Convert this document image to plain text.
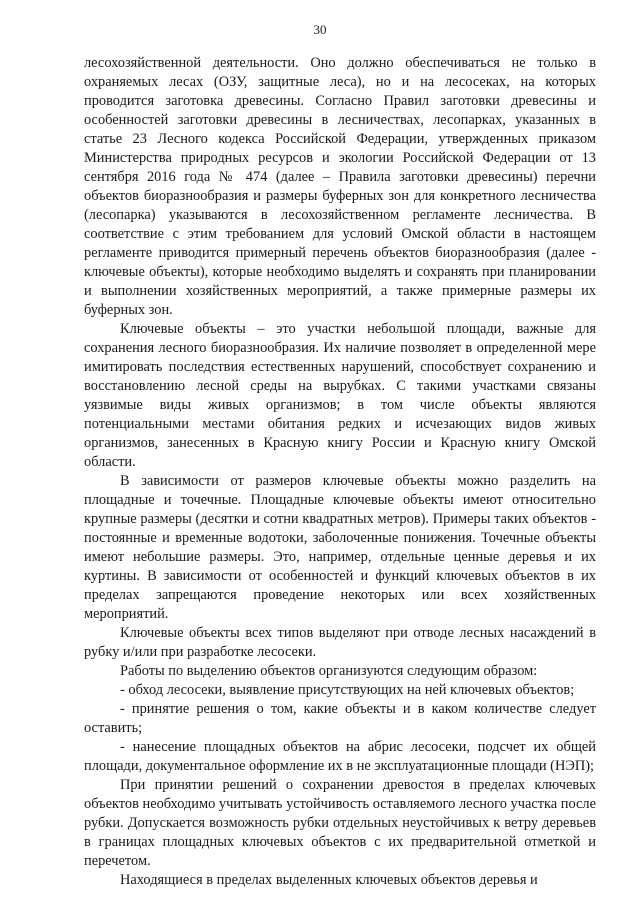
30

лесохозяйственной деятельности. Оно должно обеспечиваться не только в охраняемых лесах (ОЗУ, защитные леса), но и на лесосеках, на которых проводится заготовка древесины. Согласно Правил заготовки древесины и особенностей заготовки древесины в лесничествах, лесопарках, указанных в статье 23 Лесного кодекса Российской Федерации, утвержденных приказом Министерства природных ресурсов и экологии Российской Федерации от 13 сентября 2016 года № 474 (далее – Правила заготовки древесины) перечни объектов биоразнообразия и размеры буферных зон для конкретного лесничества (лесопарка) указываются в лесохозяйственном регламенте лесничества. В соответствие с этим требованием для условий Омской области в настоящем регламенте приводится примерный перечень объектов биоразнообразия (далее - ключевые объекты), которые необходимо выделять и сохранять при планировании и выполнении хозяйственных мероприятий, а также примерные размеры их буферных зон.

Ключевые объекты – это участки небольшой площади, важные для сохранения лесного биоразнообразия. Их наличие позволяет в определенной мере имитировать последствия естественных нарушений, способствует сохранению и восстановлению лесной среды на вырубках. С такими участками связаны уязвимые виды живых организмов; в том числе объекты являются потенциальными местами обитания редких и исчезающих видов живых организмов, занесенных в Красную книгу России и Красную книгу Омской области.

В зависимости от размеров ключевые объекты можно разделить на площадные и точечные. Площадные ключевые объекты имеют относительно крупные размеры (десятки и сотни квадратных метров). Примеры таких объектов - постоянные и временные водотоки, заболоченные понижения. Точечные объекты имеют небольшие размеры. Это, например, отдельные ценные деревья и их куртины. В зависимости от особенностей и функций ключевых объектов в их пределах запрещаются проведение некоторых или всех хозяйственных мероприятий.

Ключевые объекты всех типов выделяют при отводе лесных насаждений в рубку и/или при разработке лесосеки.

Работы по выделению объектов организуются следующим образом:

- обход лесосеки, выявление присутствующих на ней ключевых объектов;

- принятие решения о том, какие объекты и в каком количестве следует оставить;

- нанесение площадных объектов на абрис лесосеки, подсчет их общей площади, документальное оформление их в не эксплуатационные площади (НЭП);

При принятии решений о сохранении древостоя в пределах ключевых объектов необходимо учитывать устойчивость оставляемого лесного участка после рубки. Допускается возможность рубки отдельных неустойчивых к ветру деревьев в границах площадных ключевых объектов с их предварительной отметкой и перечетом.

Находящиеся в пределах выделенных ключевых объектов деревья и
